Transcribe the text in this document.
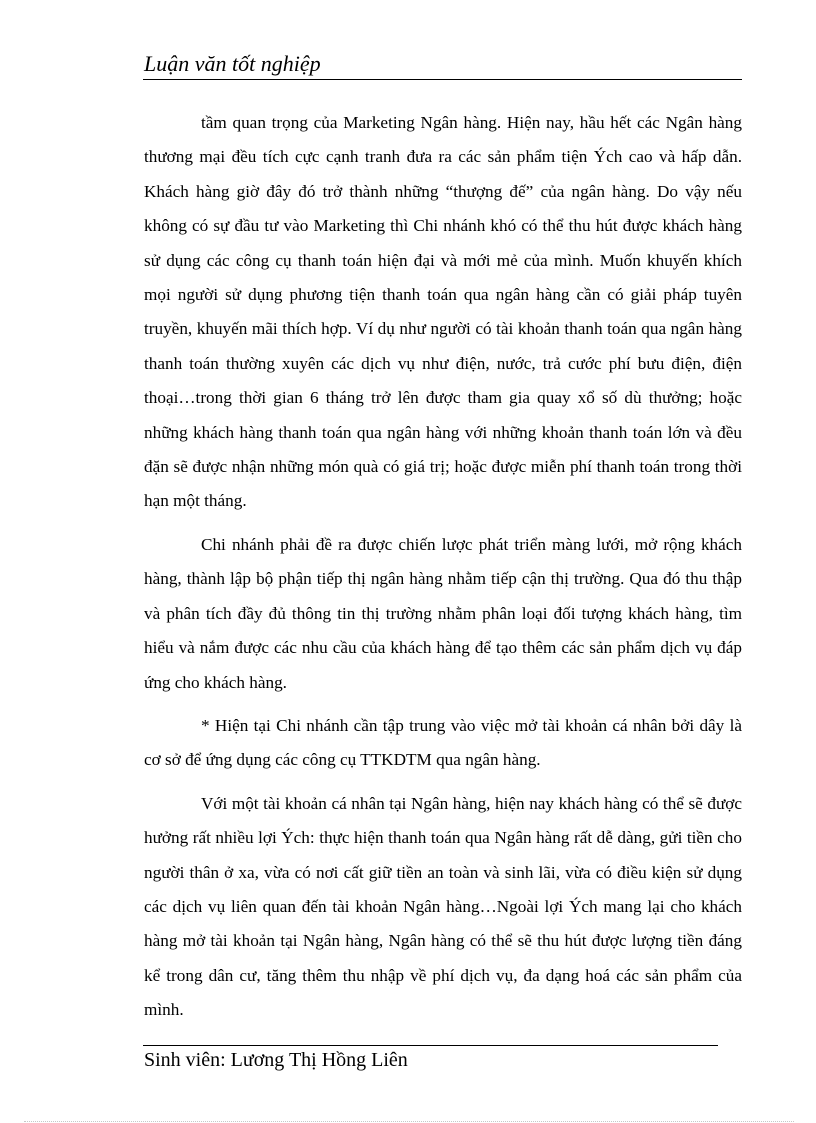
Luận văn tốt nghiệp

tầm quan trọng của Marketing Ngân hàng. Hiện nay, hầu hết các Ngân hàng thương mại đều tích cực cạnh tranh đưa ra các sản phẩm tiện Ých cao và hấp dẫn. Khách hàng giờ đây đó trở thành những “thượng đế” của ngân hàng. Do vậy nếu không có sự đầu tư vào Marketing thì Chi nhánh khó có thể thu hút được khách hàng sử dụng các công cụ thanh toán hiện đại và mới mẻ của mình. Muốn khuyến khích mọi người sử dụng phương tiện thanh toán qua ngân hàng cần có giải pháp tuyên truyền, khuyến mãi thích hợp. Ví dụ như người có tài khoản thanh toán qua ngân hàng thanh toán thường xuyên các dịch vụ như điện, nước, trả cước phí bưu điện, điện thoại…trong thời gian 6 tháng trở lên được tham gia quay xổ số dù thưởng; hoặc những khách hàng thanh toán qua ngân hàng với những khoản thanh toán lớn và đều đặn sẽ được nhận những món quà có giá trị; hoặc được miễn phí thanh toán trong thời hạn một tháng.

Chi nhánh phải đề ra được chiến lược phát triển màng lưới, mở rộng khách hàng, thành lập bộ phận tiếp thị ngân hàng nhằm tiếp cận thị trường. Qua đó thu thập và phân tích đầy đủ thông tin thị trường nhằm phân loại đối tượng khách hàng, tìm hiểu và nắm được các nhu cầu của khách hàng để tạo thêm các sản phẩm dịch vụ đáp ứng cho khách hàng.

* Hiện tại Chi nhánh cần tập trung vào việc mở tài khoản cá nhân bởi dây là cơ sở để ứng dụng các công cụ TTKDTM qua ngân hàng.

Với một tài khoản cá nhân tại Ngân hàng, hiện nay khách hàng có thể sẽ được hưởng rất nhiều lợi Ých: thực hiện thanh toán qua Ngân hàng rất dễ dàng, gửi tiền cho người thân ở xa, vừa có nơi cất giữ tiền an toàn và sinh lãi, vừa có điều kiện sử dụng các dịch vụ liên quan đến tài khoản Ngân hàng…Ngoài lợi Ých mang lại cho khách hàng mở tài khoản tại Ngân hàng, Ngân hàng có thể sẽ thu hút được lượng tiền đáng kể trong dân cư, tăng thêm thu nhập về phí dịch vụ, đa dạng hoá các sản phẩm của mình.

Sinh viên: Lương Thị Hồng Liên
